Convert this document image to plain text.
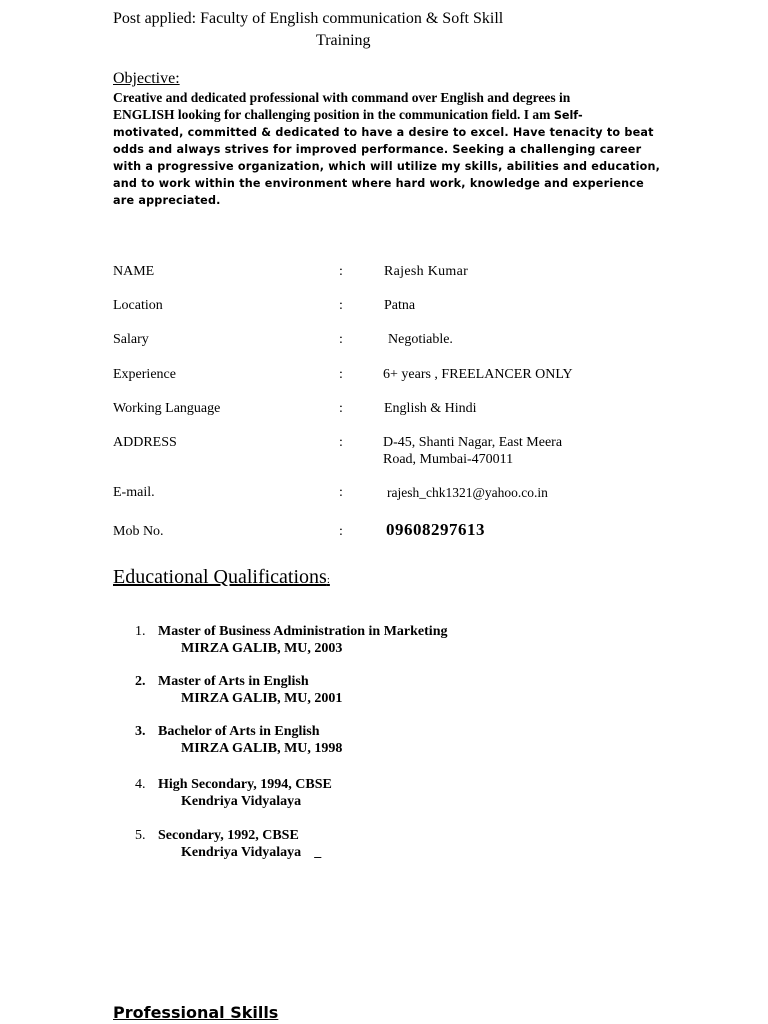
Post applied: Faculty of English communication & Soft Skill
Training
Objective:
Creative and dedicated professional with command over English and degrees in
ENGLISH looking for challenging position in the communication field. I am Self-
motivated, committed & dedicated to have a desire to excel. Have tenacity to beat
odds and always strives for improved performance. Seeking a challenging career
with a progressive organization, which will utilize my skills, abilities and education,
and to work within the environment where hard work, knowledge and experience
are appreciated.
NAME	:	Rajesh Kumar
Location	:	Patna
Salary	:	Negotiable.
Experience	:	6+ years , FREELANCER ONLY
Working Language	:	English & Hindi
ADDRESS	:	D-45, Shanti Nagar, East Meera
Road, Mumbai-470011
E-mail.	:	rajesh_chk1321@yahoo.co.in
Mob No.	:	09608297613
Educational Qualifications:
1. Master of Business Administration in Marketing
MIRZA GALIB, MU, 2003
2. Master of Arts in English
MIRZA GALIB, MU, 2001
3. Bachelor of Arts in English
MIRZA GALIB, MU, 1998
4. High Secondary, 1994, CBSE
Kendriya Vidyalaya
5. Secondary, 1992, CBSE
Kendriya Vidyalaya _
Professional Skills
